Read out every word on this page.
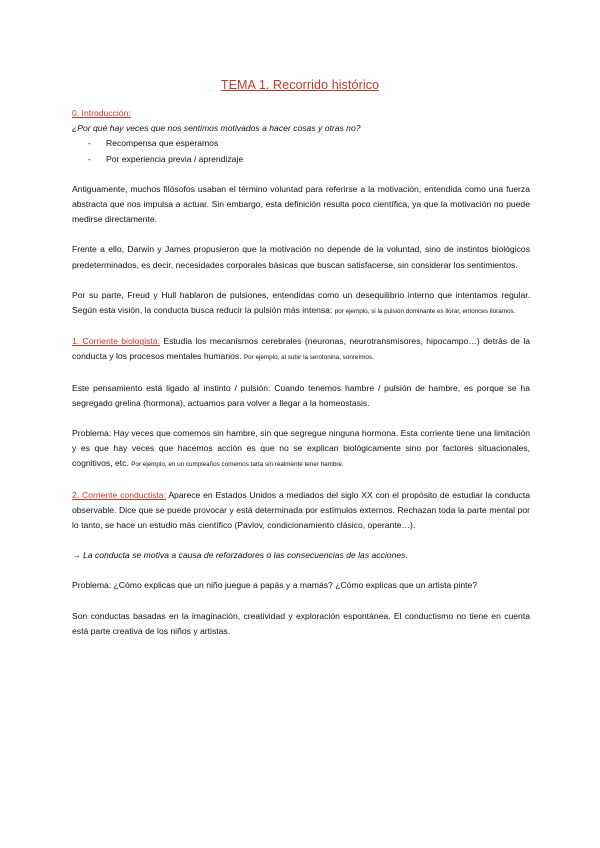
TEMA 1. Recorrido histórico

0. Introducción:

¿Por qué hay veces que nos sentimos motivados a hacer cosas y otras no?

- Recompensa que esperamos
- Por experiencia previa / aprendizaje

Antiguamente, muchos filósofos usaban el término voluntad para referirse a la motivación, entendida como una fuerza abstracta que nos impulsa a actuar. Sin embargo, esta definición resulta poco científica, ya que la motivación no puede medirse directamente.

Frente a ello, Darwin y James propusieron que la motivación no depende de la voluntad, sino de instintos biológicos predeterminados, es decir, necesidades corporales básicas que buscan satisfacerse, sin considerar los sentimientos.

Por su parte, Freud y Hull hablaron de pulsiones, entendidas como un desequilibrio interno que intentamos regular. Según esta visión, la conducta busca reducir la pulsión más intensa: por ejemplo, si la pulsión dominante es llorar, entonces lloramos.

1. Corriente biologista: Estudia los mecanismos cerebrales (neuronas, neurotransmisores, hipocampo…) detrás de la conducta y los procesos mentales humanos. Por ejemplo, al subir la serotonina, sonreímos.

Este pensamiento está ligado al instinto / pulsión: Cuando tenemos hambre / pulsión de hambre, es porque se ha segregado grelina (hormona), actuamos para volver a llegar a la homeostasis.

Problema: Hay veces que comemos sin hambre, sin que segregue ninguna hormona. Esta corriente tiene una limitación y es que hay veces que hacemos acción es que no se explican biológicamente sino por factores situacionales, cognitivos, etc. Por ejemplo, en un cumpleaños comemos tarta sin realmente tener hambre.

2. Corriente conductista: Aparece en Estados Unidos a mediados del siglo XX con el propósito de estudiar la conducta observable. Dice que se puede provocar y está determinada por estímulos externos. Rechazan toda la parte mental por lo tanto, se hace un estudio más científico (Pavlov, condicionamiento clásico, operante…).

→ La conducta se motiva a causa de reforzadores o las consecuencias de las acciones.

Problema: ¿Cómo explicas que un niño juegue a papás y a mamás? ¿Cómo explicas que un artista pinte?

Son conductas basadas en la imaginación, creatividad y exploración espontánea. El conductismo no tiene en cuenta está parte creativa de los niños y artistas.
